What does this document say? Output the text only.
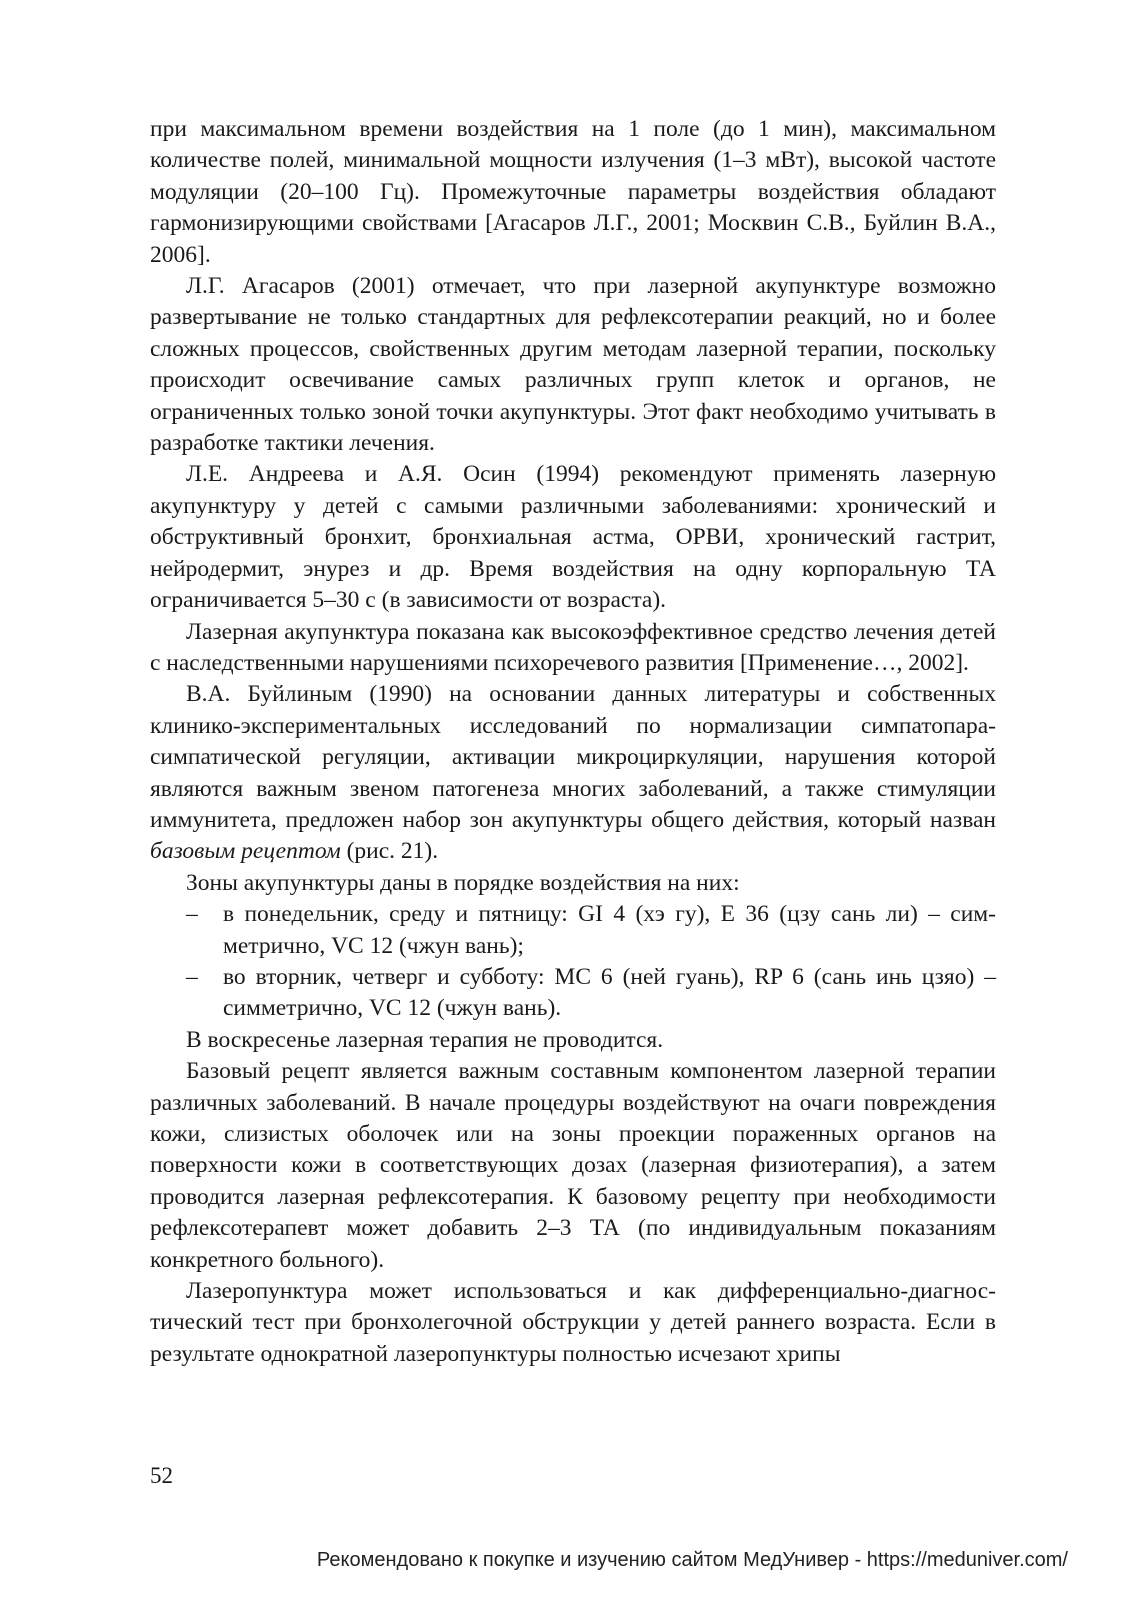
при максимальном времени воздействия на 1 поле (до 1 мин), максимальном количестве полей, минимальной мощности излучения (1–3 мВт), высокой частоте модуляции (20–100 Гц). Промежуточные параметры воздействия обладают гармонизирующими свойствами [Агасаров Л.Г., 2001; Москвин С.В., Буйлин В.А., 2006].

Л.Г. Агасаров (2001) отмечает, что при лазерной акупунктуре возможно развертывание не только стандартных для рефлексотерапии реакций, но и более сложных процессов, свойственных другим методам лазерной терапии, поскольку происходит освечивание самых различных групп клеток и органов, не ограниченных только зоной точки акупунктуры. Этот факт необходимо учитывать в разработке тактики лечения.

Л.Е. Андреева и А.Я. Осин (1994) рекомендуют применять лазерную акупунктуру у детей с самыми различными заболеваниями: хронический и обструктивный бронхит, бронхиальная астма, ОРВИ, хронический гастрит, нейродермит, энурез и др. Время воздействия на одну корпоральную ТА ограничивается 5–30 с (в зависимости от возраста).

Лазерная акупунктура показана как высокоэффективное средство лечения детей с наследственными нарушениями психоречевого развития [Применение…, 2002].

В.А. Буйлиным (1990) на основании данных литературы и собственных клинико-экспериментальных исследований по нормализации симпатопарасимпатической регуляции, активации микроциркуляции, нарушения которой являются важным звеном патогенеза многих заболеваний, а также стимуляции иммунитета, предложен набор зон акупунктуры общего действия, который назван базовым рецептом (рис. 21).

Зоны акупунктуры даны в порядке воздействия на них:

– в понедельник, среду и пятницу: GI 4 (хэ гу), Е 36 (цзу сань ли) – симметрично, VC 12 (чжун вань);
– во вторник, четверг и субботу: МС 6 (ней гуань), RP 6 (сань инь цзяо) – симметрично, VC 12 (чжун вань).

В воскресенье лазерная терапия не проводится.

Базовый рецепт является важным составным компонентом лазерной терапии различных заболеваний. В начале процедуры воздействуют на очаги повреждения кожи, слизистых оболочек или на зоны проекции пораженных органов на поверхности кожи в соответствующих дозах (лазерная физиотерапия), а затем проводится лазерная рефлексотерапия. К базовому рецепту при необходимости рефлексотерапевт может добавить 2–3 ТА (по индивидуальным показаниям конкретного больного).

Лазеропунктура может использоваться и как дифференциально-диагностический тест при бронхолегочной обструкции у детей раннего возраста. Если в результате однократной лазеропунктуры полностью исчезают хрипы

52
Рекомендовано к покупке и изучению сайтом МедУнивер - https://meduniver.com/
